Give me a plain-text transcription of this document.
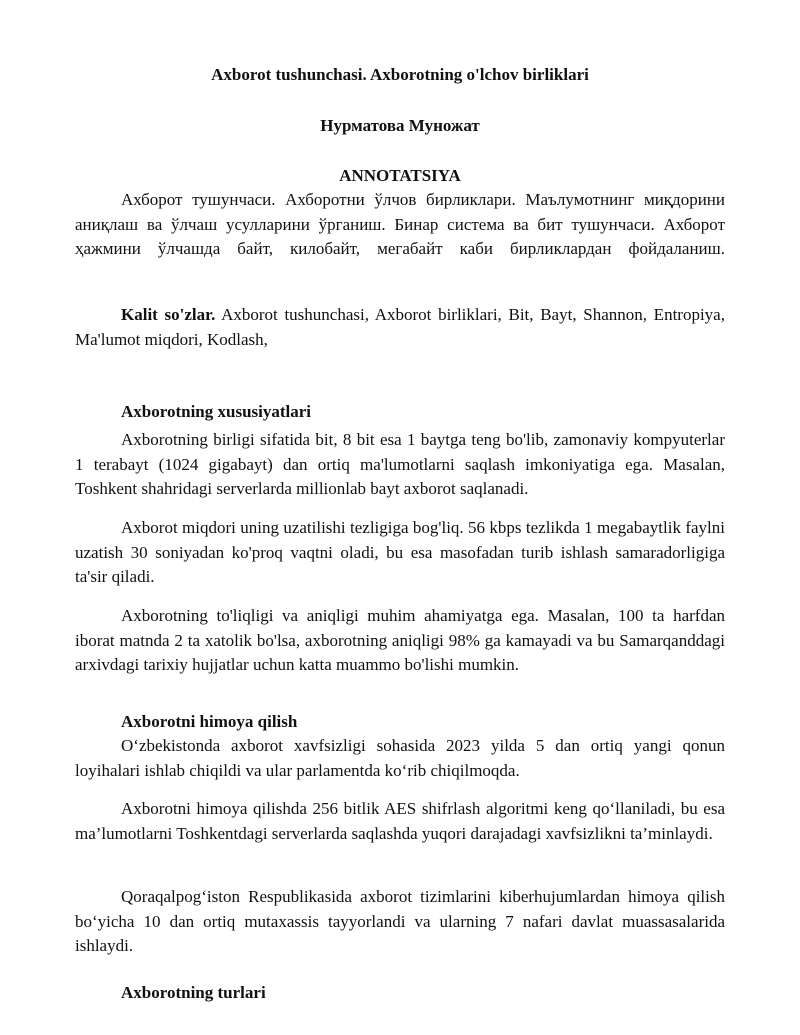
Axborot tushunchasi. Axborotning o'lchov birliklari

Нурматова Муножат

ANNOTATSIYA

Ахборот тушунчаси. Ахборотни ўлчов бирликлари. Маълумотнинг миқдорини аниқлаш ва ўлчаш усулларини ўрганиш. Бинар система ва бит тушунчаси. Ахборот ҳажмини ўлчашда байт, килобайт, мегабайт каби бирликлардан фойдаланиш.

Kalit so'zlar. Axborot tushunchasi, Axborot birliklari, Bit, Bayt, Shannon, Entropiya, Ma'lumot miqdori, Kodlash,

Axborotning xususiyatlari

Axborotning birligi sifatida bit, 8 bit esa 1 baytga teng bo'lib, zamonaviy kompyuterlar 1 terabayt (1024 gigabayt) dan ortiq ma'lumotlarni saqlash imkoniyatiga ega. Masalan, Toshkent shahridagi serverlarda millionlab bayt axborot saqlanadi.

Axborot miqdori uning uzatilishi tezligiga bog'liq. 56 kbps tezlikda 1 megabaytlik faylni uzatish 30 soniyadan ko'proq vaqtni oladi, bu esa masofadan turib ishlash samaradorligiga ta'sir qiladi.

Axborotning to'liqligi va aniqligi muhim ahamiyatga ega. Masalan, 100 ta harfdan iborat matnda 2 ta xatolik bo'lsa, axborotning aniqligi 98% ga kamayadi va bu Samarqanddagi arxivdagi tarixiy hujjatlar uchun katta muammo bo'lishi mumkin.

Axborotni himoya qilish

O‘zbekistonda axborot xavfsizligi sohasida 2023 yilda 5 dan ortiq yangi qonun loyihalari ishlab chiqildi va ular parlamentda ko‘rib chiqilmoqda.

Axborotni himoya qilishda 256 bitlik AES shifrlash algoritmi keng qo‘llaniladi, bu esa ma’lumotlarni Toshkentdagi serverlarda saqlashda yuqori darajadagi xavfsizlikni ta’minlaydi.

Qoraqalpog‘iston Respublikasida axborot tizimlarini kiberhujumlardan himoya qilish bo‘yicha 10 dan ortiq mutaxassis tayyorlandi va ularning 7 nafari davlat muassasalarida ishlaydi.

Axborotning turlari
